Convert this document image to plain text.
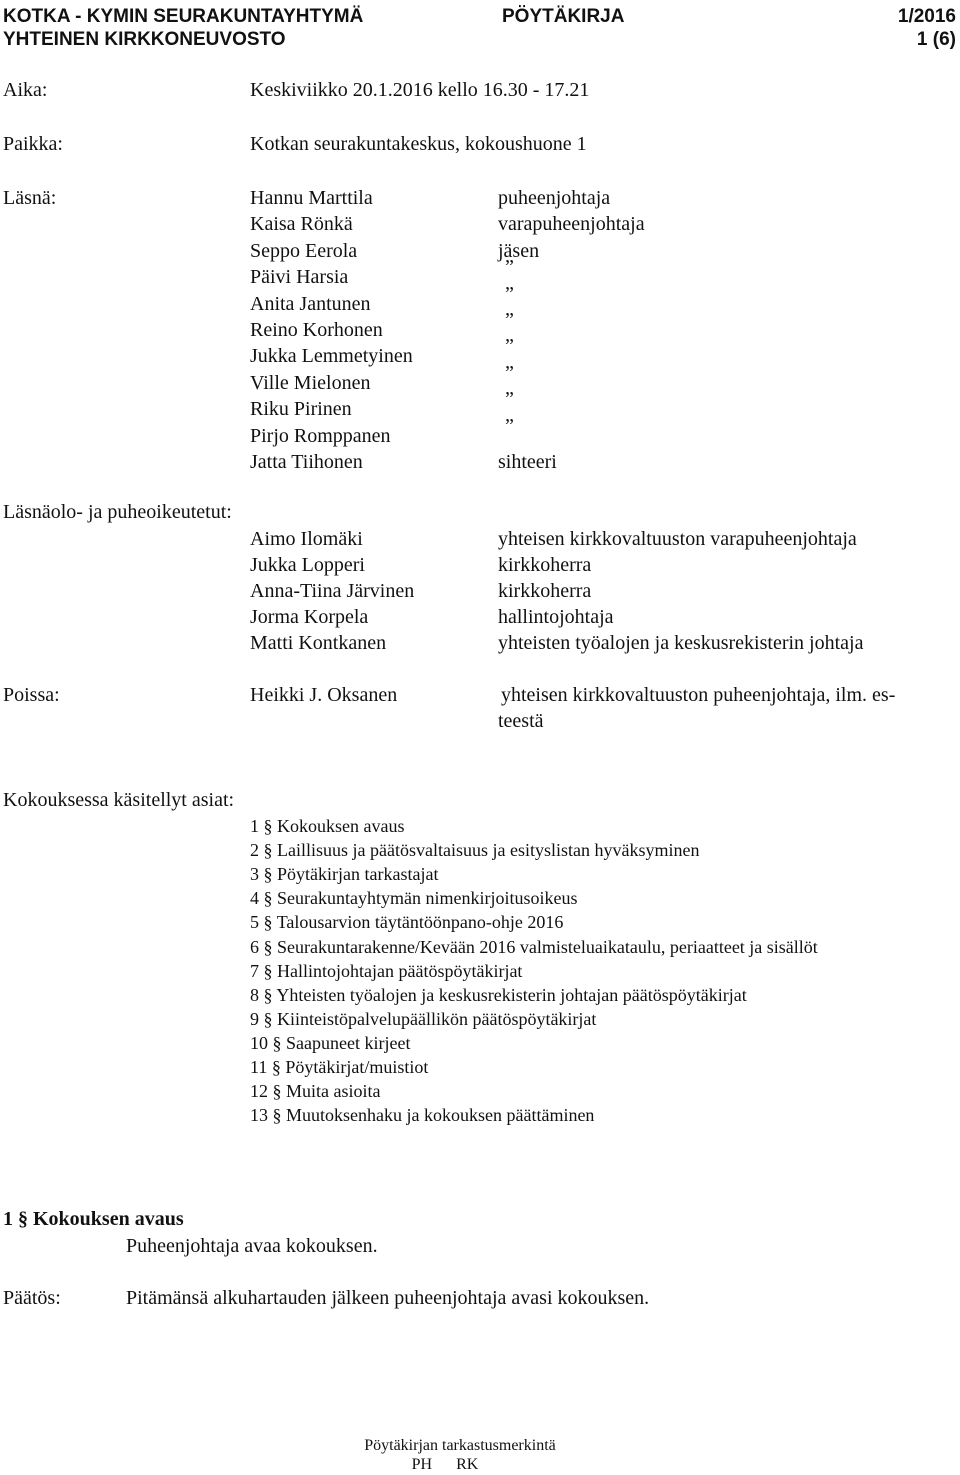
KOTKA - KYMIN SEURAKUNTAYHTYMÄ
YHTEINEN KIRKKONEUVOSTO
PÖYTÄKIRJA	1/2016
1 (6)
Aika:	Keskiviikko 20.1.2016 kello 16.30 - 17.21
Paikka:	Kotkan seurakuntakeskus, kokoushuone 1
Läsnä:	Hannu Marttila	puheenjohtaja
Kaisa Rönkä	varapuheenjohtaja
Seppo Eerola	jäsen
Päivi Harsia	”
Anita Jantunen	”
Reino Korhonen	”
Jukka Lemmetyinen	”
Ville Mielonen	”
Riku Pirinen	”
Pirjo Romppanen	”
Jatta Tiihonen	sihteeri
Läsnäolo- ja puheoikeutetut:
Aimo Ilomäki	yhteisen kirkkovaltuuston varapuheenjohtaja
Jukka Lopperi	kirkkoherra
Anna-Tiina Järvinen	kirkkoherra
Jorma Korpela	hallintojohtaja
Matti Kontkanen	yhteisten työalojen ja keskusrekisterin johtaja
Poissa:	Heikki J. Oksanen	yhteisen kirkkovaltuuston puheenjohtaja, ilm. es-
teestä
Kokouksessa käsitellyt asiat:
1 § Kokouksen avaus
2 § Laillisuus ja päätösvaltaisuus ja esityslistan hyväksyminen
3 § Pöytäkirjan tarkastajat
4 § Seurakuntayhtymän nimenkirjoitusoikeus
5 § Talousarvion täytäntöönpano-ohje 2016
6 § Seurakuntarakenne/Kevään 2016 valmisteluaikataulu, periaatteet ja sisällöt
7 § Hallintojohtajan päätöspöytäkirjat
8 § Yhteisten työalojen ja keskusrekisterin johtajan päätöspöytäkirjat
9 § Kiinteistöpalvelupäällikön päätöspöytäkirjat
10 § Saapuneet kirjeet
11 § Pöytäkirjat/muistiot
12 § Muita asioita
13 § Muutoksenhaku ja kokouksen päättäminen
1 § Kokouksen avaus
Puheenjohtaja avaa kokouksen.
Päätös:	Pitämänsä alkuhartauden jälkeen puheenjohtaja avasi kokouksen.
Pöytäkirjan tarkastusmerkintä
PH      RK
